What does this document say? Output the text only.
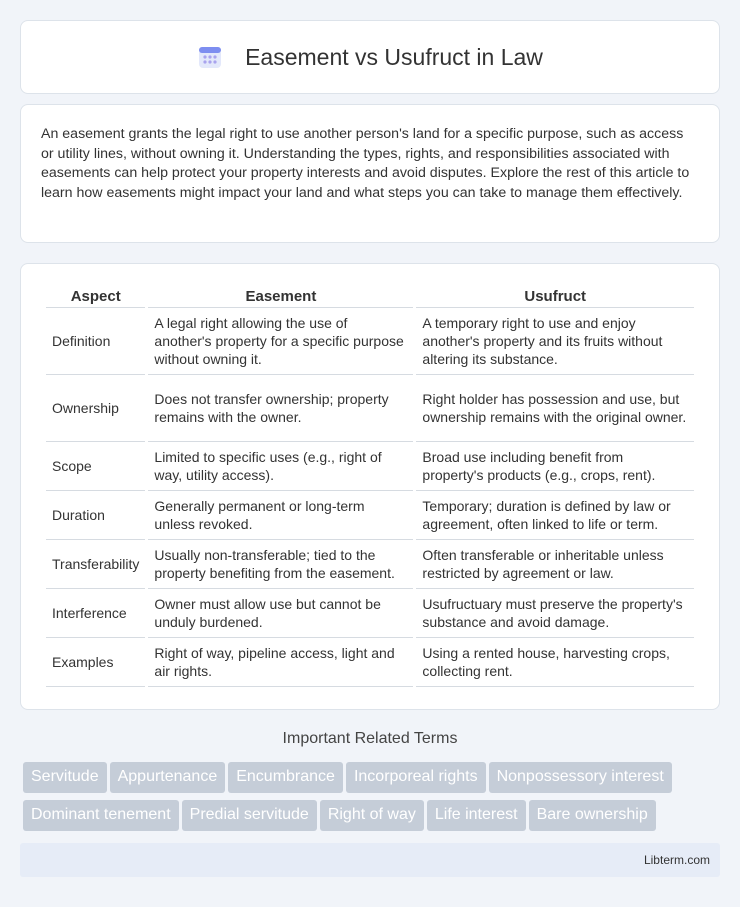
Easement vs Usufruct in Law

An easement grants the legal right to use another person's land for a specific purpose, such as access or utility lines, without owning it. Understanding the types, rights, and responsibilities associated with easements can help protect your property interests and avoid disputes. Explore the rest of this article to learn how easements might impact your land and what steps you can take to manage them effectively.

Aspect	Easement	Usufruct
Definition	A legal right allowing the use of another's property for a specific purpose without owning it.	A temporary right to use and enjoy another's property and its fruits without altering its substance.
Ownership	Does not transfer ownership; property remains with the owner.	Right holder has possession and use, but ownership remains with the original owner.
Scope	Limited to specific uses (e.g., right of way, utility access).	Broad use including benefit from property's products (e.g., crops, rent).
Duration	Generally permanent or long-term unless revoked.	Temporary; duration is defined by law or agreement, often linked to life or term.
Transferability	Usually non-transferable; tied to the property benefiting from the easement.	Often transferable or inheritable unless restricted by agreement or law.
Interference	Owner must allow use but cannot be unduly burdened.	Usufructuary must preserve the property's substance and avoid damage.
Examples	Right of way, pipeline access, light and air rights.	Using a rented house, harvesting crops, collecting rent.
Important Related Terms
Servitude Appurtenance Encumbrance Incorporeal rights Nonpossessory interest
Dominant tenement Predial servitude Right of way Life interest Bare ownership
Libterm.com
